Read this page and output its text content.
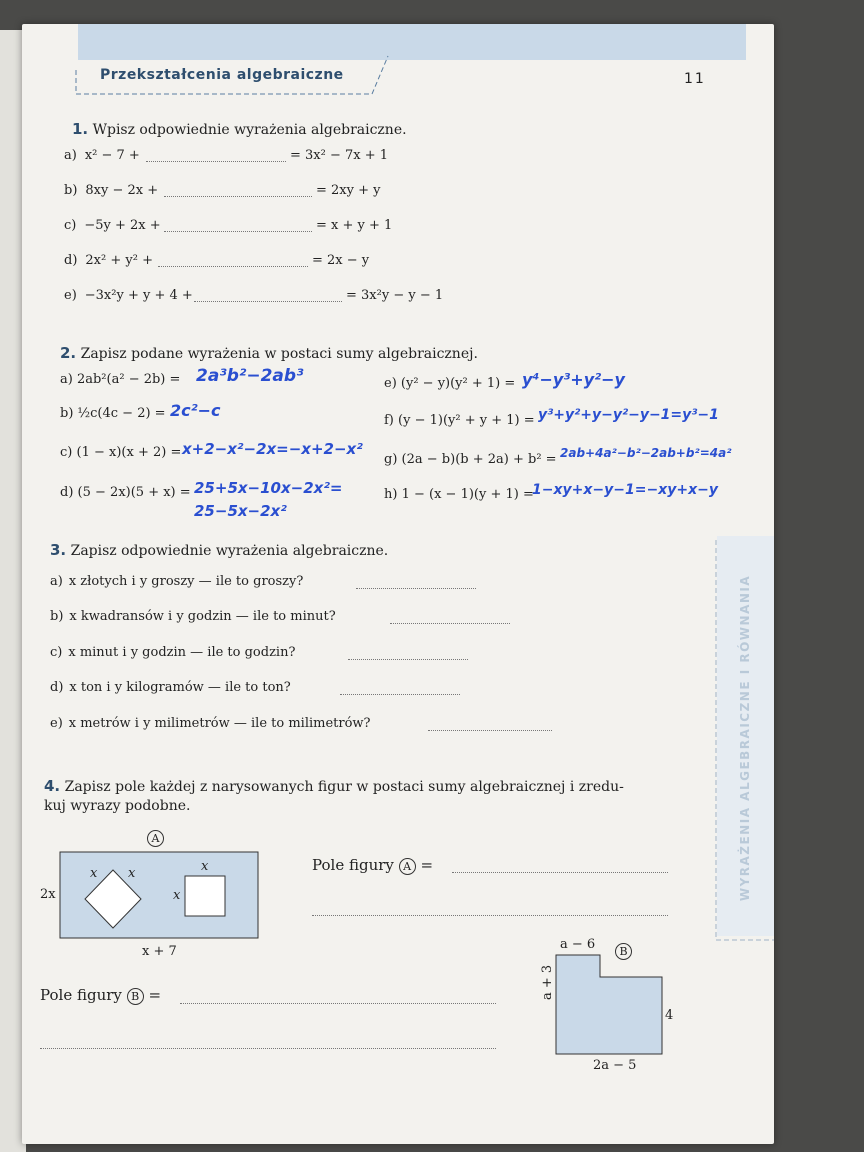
Przekształcenia algebraiczne	11
WYRAŻENIA ALGEBRAICZNE I RÓWNANIA
1. Wpisz odpowiednie wyrażenia algebraiczne.
a) x² − 7 +	= 3x² − 7x + 1
b) 8xy − 2x +	= 2xy + y
c) −5y + 2x +	= x + y + 1
d) 2x² + y² +	= 2x − y
e) −3x²y + y + 4 +	= 3x²y − y − 1
2. Zapisz podane wyrażenia w postaci sumy algebraicznej.
a) 2ab²(a² − 2b) = 2a³b²−2ab³
b) ½c(4c − 2) = 2c²−c
c) (1 − x)(x + 2) = x+2−x²−2x=−x+2−x²
d) (5 − 2x)(5 + x) = 25+5x−10x−2x²=
25−5x−2x²
e) (y² − y)(y² + 1) = y⁴−y³+y²−y
f) (y − 1)(y² + y + 1) = y³+y²+y−y²−y−1=y³−1
g) (2a − b)(b + 2a) + b² = 2ab+4a²−b²−2ab+b²=4a²
h) 1 − (x − 1)(y + 1) =
1−xy+x−y−1=−xy+x−y
3. Zapisz odpowiednie wyrażenia algebraiczne.
a) x złotych i y groszy — ile to groszy?
b) x kwadransów i y godzin — ile to minut?
c) x minut i y godzin — ile to godzin?
d) x ton i y kilogramów — ile to ton?
e) x metrów i y milimetrów — ile to milimetrów?
4. Zapisz pole każdej z narysowanych figur w postaci sumy algebraicznej i zredu-
kuj wyrazy podobne.
A
2x
x + 7
x x	x
x
Pole figury A =
a − 6	B
a + 3
4
2a − 5
Pole figury B =
